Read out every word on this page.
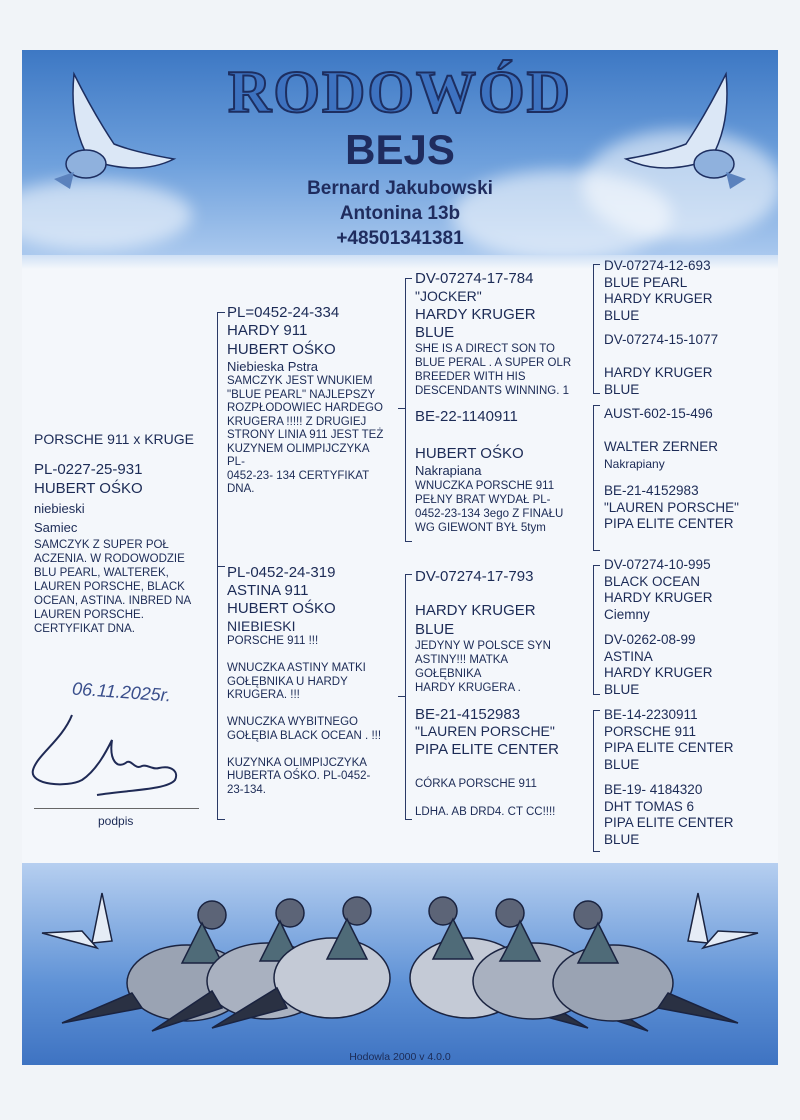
RODOWÓD
BEJS
Bernard Jakubowski
Antonina 13b
+48501341381
PORSCHE 911 x KRUGE
PL-0227-25-931
HUBERT OŚKO
niebieski
Samiec
SAMCZYK Z SUPER POŁ
ACZENIA. W RODOWODZIE
BLU PEARL, WALTEREK,
LAUREN PORSCHE, BLACK
OCEAN, ASTINA. INBRED NA
LAUREN PORSCHE.
CERTYFIKAT DNA.
06.11.2025r.
podpis
PL=0452-24-334
HARDY 911
HUBERT OŚKO
Niebieska Pstra
SAMCZYK JEST WNUKIEM
"BLUE PEARL" NAJLEPSZY
ROZPŁODOWIEC HARDEGO
KRUGERA !!!!! Z DRUGIEJ
STRONY LINIA 911 JEST TEŻ
KUZYNEM OLIMPIJCZYKA
PL-
0452-23- 134 CERTYFIKAT
DNA.
PL-0452-24-319
ASTINA 911
HUBERT OŚKO
NIEBIESKI
PORSCHE 911 !!!

WNUCZKA ASTINY MATKI
GOŁĘBNIKA U HARDY
KRUGERA. !!!

WNUCZKA WYBITNEGO
GOŁĘBIA BLACK OCEAN . !!!

KUZYNKA OLIMPIJCZYKA
HUBERTA OŚKO. PL-0452-
23-134.
DV-07274-17-784
"JOCKER"
HARDY KRUGER
BLUE
SHE IS A DIRECT SON TO
BLUE PERAL . A SUPER OLR
BREEDER WITH HIS
DESCENDANTS WINNING. 1
BE-22-1140911
HUBERT OŚKO
Nakrapiana
WNUCZKA PORSCHE 911
PEŁNY BRAT WYDAŁ PL-
0452-23-134 3ego Z FINAŁU
WG GIEWONT BYŁ 5tym
DV-07274-17-793
HARDY KRUGER
BLUE
JEDYNY W POLSCE SYN
ASTINY!!! MATKA
GOŁĘBNIKA
HARDY KRUGERA .
BE-21-4152983
"LAUREN PORSCHE"
PIPA ELITE CENTER
CÓRKA PORSCHE 911

LDHA. AB DRD4. CT CC!!!!
DV-07274-12-693
BLUE PEARL
HARDY KRUGER
BLUE
DV-07274-15-1077

HARDY KRUGER
BLUE
AUST-602-15-496

WALTER ZERNER
Nakrapiany
BE-21-4152983
"LAUREN PORSCHE"
PIPA ELITE CENTER
DV-07274-10-995
BLACK OCEAN
HARDY KRUGER
Ciemny
DV-0262-08-99
ASTINA
HARDY KRUGER
BLUE
BE-14-2230911
PORSCHE 911
PIPA ELITE CENTER
BLUE
BE-19- 4184320
DHT TOMAS 6
PIPA ELITE CENTER
BLUE
Hodowla 2000 v 4.0.0
